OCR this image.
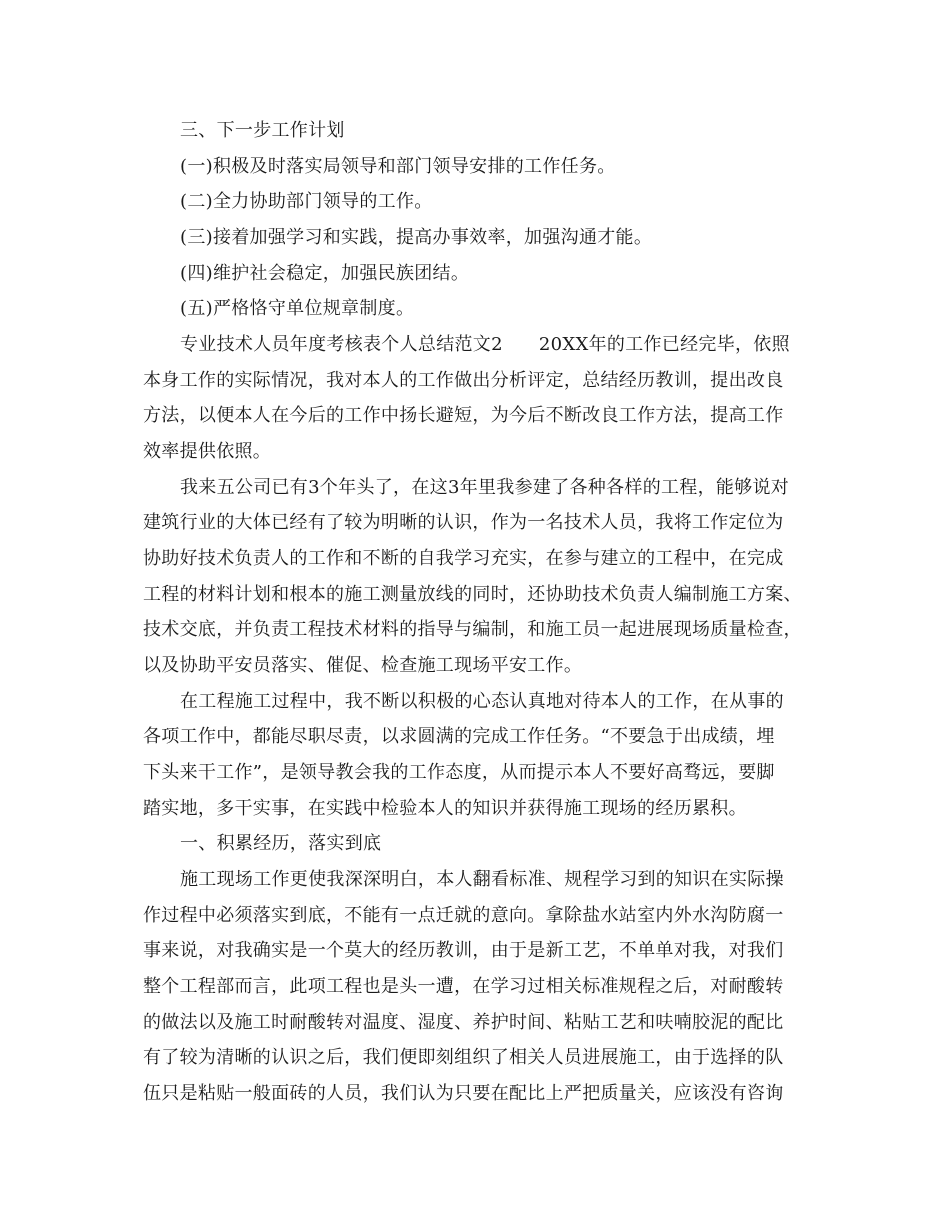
三、下一步工作计划
(一)积极及时落实局领导和部门领导安排的工作任务。
(二)全力协助部门领导的工作。
(三)接着加强学习和实践，提高办事效率，加强沟通才能。
(四)维护社会稳定，加强民族团结。
(五)严格恪守单位规章制度。
专业技术人员年度考核表个人总结范文2 20XX年的工作已经完毕，依照
本身工作的实际情况，我对本人的工作做出分析评定，总结经历教训，提出改良
方法，以便本人在今后的工作中扬长避短，为今后不断改良工作方法，提高工作
效率提供依照。
我来五公司已有3个年头了，在这3年里我参建了各种各样的工程，能够说对
建筑行业的大体已经有了较为明晰的认识，作为一名技术人员，我将工作定位为
协助好技术负责人的工作和不断的自我学习充实，在参与建立的工程中，在完成
工程的材料计划和根本的施工测量放线的同时，还协助技术负责人编制施工方案、
技术交底，并负责工程技术材料的指导与编制，和施工员一起进展现场质量检查，
以及协助平安员落实、催促、检查施工现场平安工作。
在工程施工过程中，我不断以积极的心态认真地对待本人的工作，在从事的
各项工作中，都能尽职尽责，以求圆满的完成工作任务。“不要急于出成绩，埋
下头来干工作”，是领导教会我的工作态度，从而提示本人不要好高骛远，要脚
踏实地，多干实事，在实践中检验本人的知识并获得施工现场的经历累积。
一、积累经历，落实到底
施工现场工作更使我深深明白，本人翻看标准、规程学习到的知识在实际操
作过程中必须落实到底，不能有一点迁就的意向。拿除盐水站室内外水沟防腐一
事来说，对我确实是一个莫大的经历教训，由于是新工艺，不单单对我，对我们
整个工程部而言，此项工程也是头一遭，在学习过相关标准规程之后，对耐酸转
的做法以及施工时耐酸转对温度、湿度、养护时间、粘贴工艺和呋喃胶泥的配比
有了较为清晰的认识之后，我们便即刻组织了相关人员进展施工，由于选择的队
伍只是粘贴一般面砖的人员，我们认为只要在配比上严把质量关，应该没有咨询
